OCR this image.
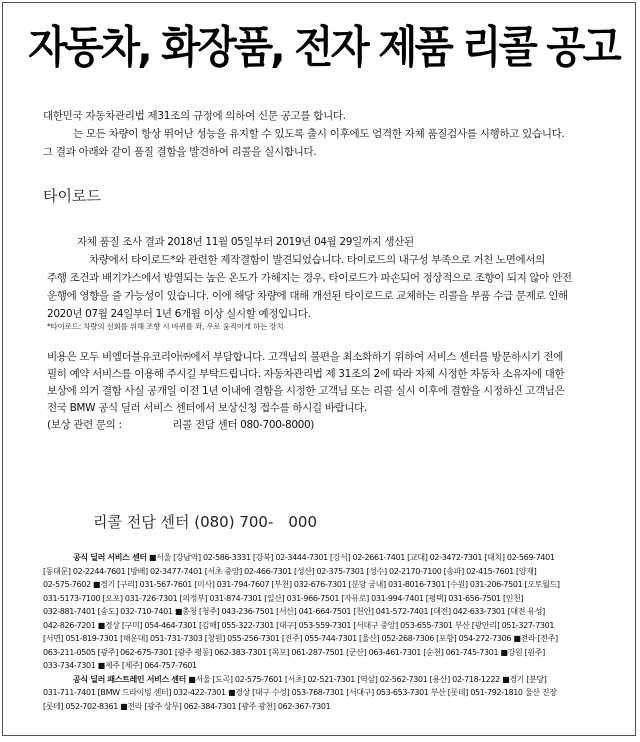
자동차, 화장품, 전자 제품 리콜 공고

대한민국 자동차관리법 제31조의 규정에 의하여 신문 공고를 합니다.

는 모든 차량이 항상 뛰어난 성능을 유지할 수 있도록 출시 이후에도 엄격한 자체 품질검사를 시행하고 있습니다.

그 결과 아래와 같이 품질 결함을 발견하여 리콜을 실시합니다.

타이로드

자체 품질 조사 결과 2018년 11월 05일부터 2019년 04월 29일까지 생산된

차량에서 타이로드*와 관련한 제작결함이 발견되었습니다. 타이로드의 내구성 부족으로 거친 노면에서의

주행 조건과 배기가스에서 방열되는 높은 온도가 가해지는 경우, 타이로드가 파손되어 정상적으로 조향이 되지 않아 안전

운행에 영향을 줄 가능성이 있습니다. 이에 해당 차량에 대해 개선된 타이로드로 교체하는 리콜을 부품 수급 문제로 인해

2020년 07월 24일부터 1년 6개월 이상 실시할 예정입니다.

*타이로드: 차량의 선회를 위해 조향 시 바퀴를 좌, 우로 움직이게 하는 장치

비용은 모두 비엠더블유코리아㈜에서 부담합니다. 고객님의 불편을 최소화하기 위하여 서비스 센터를 방문하시기 전에

필히 예약 서비스를 이용해 주시길 부탁드립니다. 자동차관리법 제 31조의 2에 따라 자체 시정한 자동차 소유자에 대한

보상에 의거 결함 사실 공개일 이전 1년 이내에 결함을 시정한 고객님 또는 리콜 실시 이후에 결함을 시정하신 고객님은

전국 BMW 공식 딜러 서비스 센터에서 보상신청 접수를 하시길 바랍니다.

(보상 관련 문의 :　　　　　리콜 전담 센터 080-700-8000)

리콜 전담 센터 (080) 700-　000

공식 딜러 서비스 센터 ■서울 [강남역] 02-586-3331 [강북] 02-3444-7301 [강서] 02-2661-7401 [교대] 02-3472-7301 [대치] 02-569-7401

[동대문] 02-2244-7601 [방배] 02-3477-7401 [서초 중앙] 02-466-7301 [성산] 02-375-7301 [성수] 02-2170-7100 [송파] 02-415-7601 [양재]

02-575-7602 ■경기 [구리] 031-567-7601 [미사] 031-794-7607 [부천] 032-676-7301 [분당 궁내] 031-8016-7301 [수원] 031-206-7501 [오토월드]

031-5173-7100 [오포] 031-726-7301 [의정부] 031-874-7301 [일산] 031-966-7501 [자유로] 031-994-7401 [평택] 031-656-7501 [인천]

032-881-7401 [송도] 032-710-7401 ■충청 [청주] 043-236-7501 [서산] 041-664-7501 [천안] 041-572-7401 [대전] 042-633-7301 [대전 유성]

042-826-7201 ■경상 [구미] 054-464-7301 [김해] 055-322-7301 [대구] 053-559-7301 [서대구 중앙] 053-655-7301 부산 [광안리] 051-327-7301

[서면] 051-819-7301 [해운대] 051-731-7303 [창원] 055-256-7301 [진주] 055-744-7301 [울산] 052-268-7306 [포항] 054-272-7306 ■전라 [전주]

063-211-0505 [광주] 062-675-7301 [광주 평동] 062-383-7301 [목포] 061-287-7501 [군산] 063-461-7301 [순천] 061-745-7301 ■강원 [원주]

033-734-7301 ■제주 [제주] 064-757-7601

공식 딜러 패스트레인 서비스 센터 ■서울 [도곡] 02-575-7601 [서초] 02-521-7301 [역삼] 02-562-7301 [용산] 02-718-1222 ■경기 [분당]

031-711-7401 [BMW 드라이빙 센터] 032-422-7301 ■경상 [대구 수성] 053-768-7301 [서대구] 053-653-7301 부산 [롯데] 051-792-1810 울산 진장

[롯데] 052-702-8361 ■전라 [광주 상무] 062-384-7301 [광주 광천] 062-367-7301
